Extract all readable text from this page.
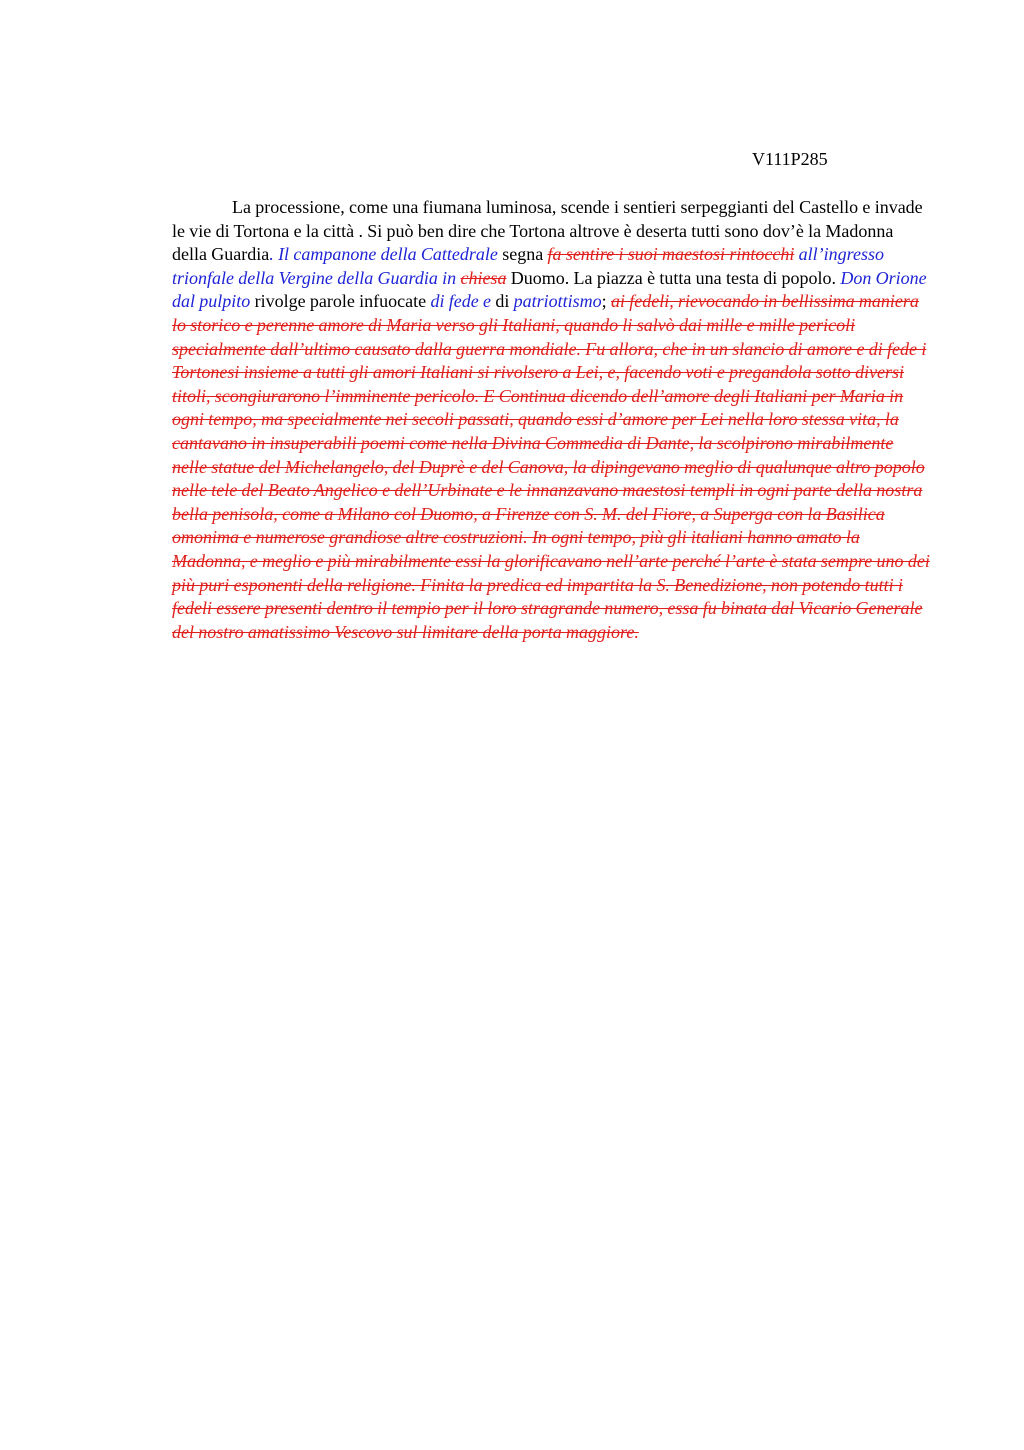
V111P285

La processione, come una fiumana luminosa, scende i sentieri serpeggianti del Castello e invade le vie di Tortona e la città . Si può ben dire che Tortona altrove è deserta tutti sono dov’è la Madonna della Guardia. Il campanone della Cattedrale segna fa sentire i suoi maestosi rintocchi all’ingresso trionfale della Vergine della Guardia in chiesa Duomo. La piazza è tutta una testa di popolo. Don Orione dal pulpito rivolge parole infuocate di fede e di patriottismo; ai fedeli, rievocando in bellissima maniera lo storico e perenne amore di Maria verso gli Italiani, quando li salvò dai mille e mille pericoli specialmente dall’ultimo causato dalla guerra mondiale. Fu allora, che in un slancio di amore e di fede i Tortonesi insieme a tutti gli amori Italiani si rivolsero a Lei, e, facendo voti e pregandola sotto diversi titoli, scongiurarono l’imminente pericolo. E Continua dicendo dell’amore degli Italiani per Maria in ogni tempo, ma specialmente nei secoli passati, quando essi d’amore per Lei nella loro stessa vita, la cantavano in insuperabili poemi come nella Divina Commedia di Dante, la scolpirono mirabilmente nelle statue del Michelangelo, del Duprè e del Canova, la dipingevano meglio di qualunque altro popolo nelle tele del Beato Angelico e dell’Urbinate e le innanzavano maestosi templi in ogni parte della nostra bella penisola, come a Milano col Duomo, a Firenze con S. M. del Fiore, a Superga con la Basilica omonima e numerose grandiose altre costruzioni. In ogni tempo, più gli italiani hanno amato la Madonna, e meglio e più mirabilmente essi la glorificavano nell’arte perché l’arte è stata sempre uno dei più puri esponenti della religione. Finita la predica ed impartita la S. Benedizione, non potendo tutti i fedeli essere presenti dentro il tempio per il loro stragrande numero, essa fu binata dal Vicario Generale del nostro amatissimo Vescovo sul limitare della porta maggiore.
